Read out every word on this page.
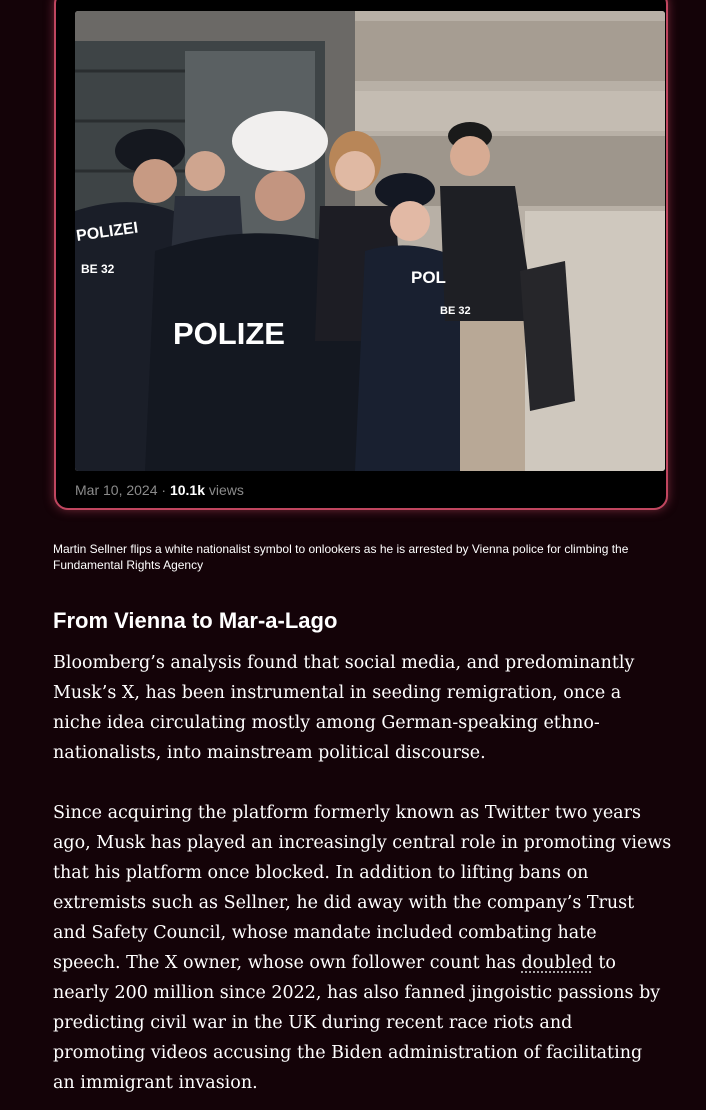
POLIZEI
BE 32
POLIZE
POL
BE 32
Mar 10, 2024 · 10.1k views
Martin Sellner flips a white nationalist symbol to onlookers as he is arrested by Vienna police for climbing the Fundamental Rights Agency
From Vienna to Mar-a-Lago

Bloomberg’s analysis found that social media, and predominantly
Musk’s X, has been instrumental in seeding remigration, once a
niche idea circulating mostly among German-speaking ethno-
nationalists, into mainstream political discourse.

Since acquiring the platform formerly known as Twitter two years
ago, Musk has played an increasingly central role in promoting views
that his platform once blocked. In addition to lifting bans on
extremists such as Sellner, he did away with the company’s Trust
and Safety Council, whose mandate included combating hate
speech. The X owner, whose own follower count has doubled to
nearly 200 million since 2022, has also fanned jingoistic passions by
predicting civil war in the UK during recent race riots and
promoting videos accusing the Biden administration of facilitating
an immigrant invasion.
